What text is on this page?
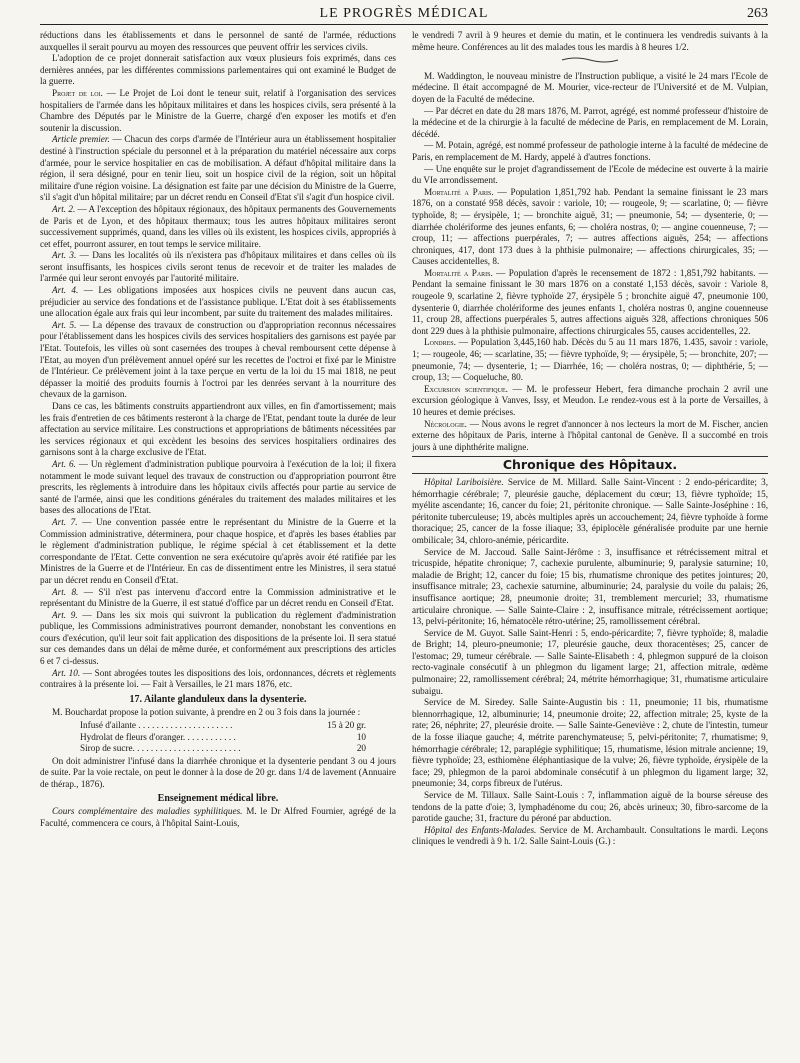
LE PROGRÈS MÉDICAL	263

réductions dans les établissements et dans le personnel de santé de l'armée, réductions auxquelles il serait pourvu au moyen des ressources que peuvent offrir les services civils.

L'adoption de ce projet donnerait satisfaction aux vœux plusieurs fois exprimés, dans ces dernières années, par les différentes commissions parlementaires qui ont examiné le Budget de la guerre.

Projet de loi. — Le Projet de Loi dont le teneur suit, relatif à l'organisation des services hospitaliers de l'armée dans les hôpitaux militaires et dans les hospices civils, sera présenté à la Chambre des Députés par le Ministre de la Guerre, chargé d'en exposer les motifs et d'en soutenir la discussion.

Article premier. — Chacun des corps d'armée de l'Intérieur aura un établissement hospitalier destiné à l'instruction spéciale du personnel et à la préparation du matériel nécessaire aux corps d'armée, pour le service hospitalier en cas de mobilisation. A défaut d'hôpital militaire dans la région, il sera désigné, pour en tenir lieu, soit un hospice civil de la région, soit un hôpital militaire d'une région voisine. La désignation est faite par une décision du Ministre de la Guerre, s'il s'agit d'un hôpital militaire; par un décret rendu en Conseil d'Etat s'il s'agit d'un hospice civil.

Art. 2. — A l'exception des hôpitaux régionaux, des hôpitaux permanents des Gouvernements de Paris et de Lyon, et des hôpitaux thermaux; tous les autres hôpitaux militaires seront successivement supprimés, quand, dans les villes où ils existent, les hospices civils, appropriés à cet effet, pourront assurer, en tout temps le service militaire.

Art. 3. — Dans les localités où ils n'existera pas d'hôpitaux militaires et dans celles où ils seront insuffisants, les hospices civils seront tenus de recevoir et de traiter les malades de l'armée qui leur seront envoyés par l'autorité militaire.

Art. 4. — Les obligations imposées aux hospices civils ne peuvent dans aucun cas, préjudicier au service des fondations et de l'assistance publique. L'Etat doit à ses établissements une allocation égale aux frais qui leur incombent, par suite du traitement des malades militaires.

Art. 5. — La dépense des travaux de construction ou d'appropriation reconnus nécessaires pour l'établissement dans les hospices civils des services hospitaliers des garnisons est payée par l'Etat. Toutefois, les villes où sont casernées des troupes à cheval remboursent cette dépense à l'Etat, au moyen d'un prélèvement annuel opéré sur les recettes de l'octroi et fixé par le Ministre de l'Intérieur. Ce prélèvement joint à la taxe perçue en vertu de la loi du 15 mai 1818, ne peut dépasser la moitié des produits fournis à l'octroi par les denrées servant à la nourriture des chevaux de la garnison.

Dans ce cas, les bâtiments construits appartiendront aux villes, en fin d'amortissement; mais les frais d'entretien de ces bâtiments resteront à la charge de l'Etat, pendant toute la durée de leur affectation au service militaire. Les constructions et appropriations de bâtiments nécessitées par les services régionaux et qui excèdent les besoins des services hospitaliers ordinaires des garnisons sont à la charge exclusive de l'Etat.

Art. 6. — Un règlement d'administration publique pourvoira à l'exécution de la loi; il fixera notamment le mode suivant lequel des travaux de construction ou d'appropriation pourront être prescrits, les règlements à introduire dans les hôpitaux civils affectés pour partie au service de santé de l'armée, ainsi que les conditions générales du traitement des malades militaires et les bases des allocations de l'Etat.

Art. 7. — Une convention passée entre le représentant du Ministre de la Guerre et la Commission administrative, déterminera, pour chaque hospice, et d'après les bases établies par le règlement d'administration publique, le régime spécial à cet établissement et la dette correspondante de l'Etat. Cette convention ne sera exécutoire qu'après avoir été ratifiée par les Ministres de la Guerre et de l'Intérieur. En cas de dissentiment entre les Ministres, il sera statué par un décret rendu en Conseil d'Etat.

Art. 8. — S'il n'est pas intervenu d'accord entre la Commission administrative et le représentant du Ministre de la Guerre, il est statué d'office par un décret rendu en Conseil d'Etat.

Art. 9. — Dans les six mois qui suivront la publication du règlement d'administration publique, les Commissions administratives pourront demander, nonobstant les conventions en cours d'exécution, qu'il leur soit fait application des dispositions de la présente loi. Il sera statué sur ces demandes dans un délai de même durée, et conformément aux prescriptions des articles 6 et 7 ci-dessus.

Art. 10. — Sont abrogées toutes les dispositions des lois, ordonnances, décrets et règlements contraires à la présente loi. — Fait à Versailles, le 21 mars 1876, etc.

17. Ailante glanduleux dans la dysenterie.

M. Bouchardat propose la potion suivante, à prendre en 2 ou 3 fois dans la journée :

Infusé d'ailante . . . . . . . . . . . . . . . . . . . . .	15 à 20 gr.
Hydrolat de fleurs d'oranger. . . . . . . . . . . .	10
Sirop de sucre. . . . . . . . . . . . . . . . . . . . . . . .	20

On doit administrer l'infusé dans la diarrhée chronique et la dysenterie pendant 3 ou 4 jours de suite. Par la voie rectale, on peut le donner à la dose de 20 gr. dans 1/4 de lavement (Annuaire de thérap., 1876).

Enseignement médical libre.

Cours complémentaire des maladies syphilitiques. M. le Dr Alfred Fournier, agrégé de la Faculté, commencera ce cours, à l'hôpital Saint-Louis,

le vendredi 7 avril à 9 heures et demie du matin, et le continuera les vendredis suivants à la même heure. Conférences au lit des malades tous les mardis à 8 heures 1/2.

M. Waddington, le nouveau ministre de l'Instruction publique, a visité le 24 mars l'Ecole de médecine. Il était accompagné de M. Mourier, vice-recteur de l'Université et de M. Vulpian, doyen de la Faculté de médecine.

— Par décret en date du 28 mars 1876, M. Parrot, agrégé, est nommé professeur d'histoire de la médecine et de la chirurgie à la faculté de médecine de Paris, en remplacement de M. Lorain, décédé.

— M. Potain, agrégé, est nommé professeur de pathologie interne à la faculté de médecine de Paris, en remplacement de M. Hardy, appelé à d'autres fonctions.

— Une enquête sur le projet d'agrandissement de l'Ecole de médecine est ouverte à la mairie du VIe arrondissement.

Mortalité a Paris. — Population 1,851,792 hab. Pendant la semaine finissant le 23 mars 1876, on a constaté 958 décès, savoir : variole, 10; — rougeole, 9; — scarlatine, 0; — fièvre typhoïde, 8; — érysipèle, 1; — bronchite aiguë, 31; — pneumonie, 54; — dysenterie, 0; — diarrhée cholériforme des jeunes enfants, 6; — choléra nostras, 0; — angine couenneuse, 7; — croup, 11; — affections puerpérales, 7; — autres affections aiguës, 254; — affections chroniques, 417, dont 173 dues à la phthisie pulmonaire; — affections chirurgicales, 35; — Causes accidentelles, 8.

Mortalité a Paris. — Population d'après le recensement de 1872 : 1,851,792 habitants. — Pendant la semaine finissant le 30 mars 1876 on a constaté 1,153 décès, savoir : Variole 8, rougeole 9, scarlatine 2, fièvre typhoïde 27, érysipèle 5 ; bronchite aiguë 47, pneumonie 100, dysenterie 0, diarrhée cholériforme des jeunes enfants 1, choléra nostras 0, angine couenneuse 11, croup 28, affections puerpérales 5, autres affections aiguës 328, affections chroniques 506 dont 229 dues à la phthisie pulmonaire, affections chirurgicales 55, causes accidentelles, 22.

Londres. — Population 3,445,160 hab. Décès du 5 au 11 mars 1876, 1.435, savoir : variole, 1; — rougeole, 46; — scarlatine, 35; — fièvre typhoïde, 9; — érysipèle, 5; — bronchite, 207; — pneumonie, 74; — dysenterie, 1; — Diarrhée, 16; — choléra nostras, 0; — diphthérie, 5; — croup, 13; — Coqueluche, 80.

Excursion scientifique. — M. le professeur Hebert, fera dimanche prochain 2 avril une excursion géologique à Vanves, Issy, et Meudon. Le rendez-vous est à la porte de Versailles, à 10 heures et demie précises.

Nécrologie. — Nous avons le regret d'annoncer à nos lecteurs la mort de M. Fischer, ancien externe des hôpitaux de Paris, interne à l'hôpital cantonal de Genève. Il a succombé en trois jours à une diphthérite maligne.

Chronique des Hôpitaux.

Hôpital Lariboisière. Service de M. Millard. Salle Saint-Vincent : 2 endo-péricardite; 3, hémorrhagie cérébrale; 7, pleurésie gauche, déplacement du cœur; 13, fièvre typhoïde; 15, myélite ascendante; 16, cancer du foie; 21, péritonite chronique. — Salle Sainte-Joséphine : 16, péritonite tuberculeuse; 19, abcès multiples après un accouchement; 24, fièvre typhoïde à forme thoracique; 25, cancer de la fosse iliaque; 33, épiplocèle généralisée produite par une hernie ombilicale; 34, chloro-anémie, péricardite.

Service de M. Jaccoud. Salle Saint-Jérôme : 3, insuffisance et rétrécissement mitral et tricuspide, hépatite chronique; 7, cachexie purulente, albuminurie; 9, paralysie saturnine; 10, maladie de Bright; 12, cancer du foie; 15 bis, rhumatisme chronique des petites jointures; 20, insuffisance mitrale; 23, cachexie saturnine, albuminurie; 24, paralysie du voile du palais; 26, insuffisance aortique; 28, pneumonie droite; 31, tremblement mercuriel; 33, rhumatisme articulaire chronique. — Salle Sainte-Claire : 2, insuffisance mitrale, rétrécissement aortique; 13, pelvi-péritonite; 16, hématocèle rétro-utérine; 25, ramollissement cérébral.

Service de M. Guyot. Salle Saint-Henri : 5, endo-péricardite; 7, fièvre typhoïde; 8, maladie de Bright; 14, pleuro-pneumonie; 17, pleurésie gauche, deux thoracentèses; 25, cancer de l'estomac; 29, tumeur cérébrale. — Salle Sainte-Elisabeth : 4, phlegmon suppuré de la cloison recto-vaginale consécutif à un phlegmon du ligament large; 21, affection mitrale, œdème pulmonaire; 22, ramollissement cérébral; 24, métrite hémorrhagique; 31, rhumatisme articulaire subaigu.

Service de M. Siredey. Salle Sainte-Augustin bis : 11, pneumonie; 11 bis, rhumatisme blennorrhagique, 12, albuminurie; 14, pneumonie droite; 22, affection mitrale; 25, kyste de la rate; 26, néphrite; 27, pleurésie droite. — Salle Sainte-Geneviève : 2, chute de l'intestin, tumeur de la fosse iliaque gauche; 4, métrite parenchymateuse; 5, pelvi-péritonite; 7, rhumatisme; 9, hémorrhagie cérébrale; 12, paraplégie syphilitique; 15, rhumatisme, lésion mitrale ancienne; 19, fièvre typhoïde; 23, esthiomène éléphantiasique de la vulve; 26, fièvre typhoïde, érysipèle de la face; 29, phlegmon de la paroi abdominale consécutif à un phlegmon du ligament large; 32, pneumonie; 34, corps fibreux de l'utérus.

Service de M. Tillaux. Salle Saint-Louis : 7, inflammation aiguë de la bourse séreuse des tendons de la patte d'oie; 3, lymphadénome du cou; 26, abcès urineux; 30, fibro-sarcome de la parotide gauche; 31, fracture du péroné par abduction.

Hôpital des Enfants-Malades. Service de M. Archambault. Consultations le mardi. Leçons cliniques le vendredi à 9 h. 1/2. Salle Saint-Louis (G.) :
